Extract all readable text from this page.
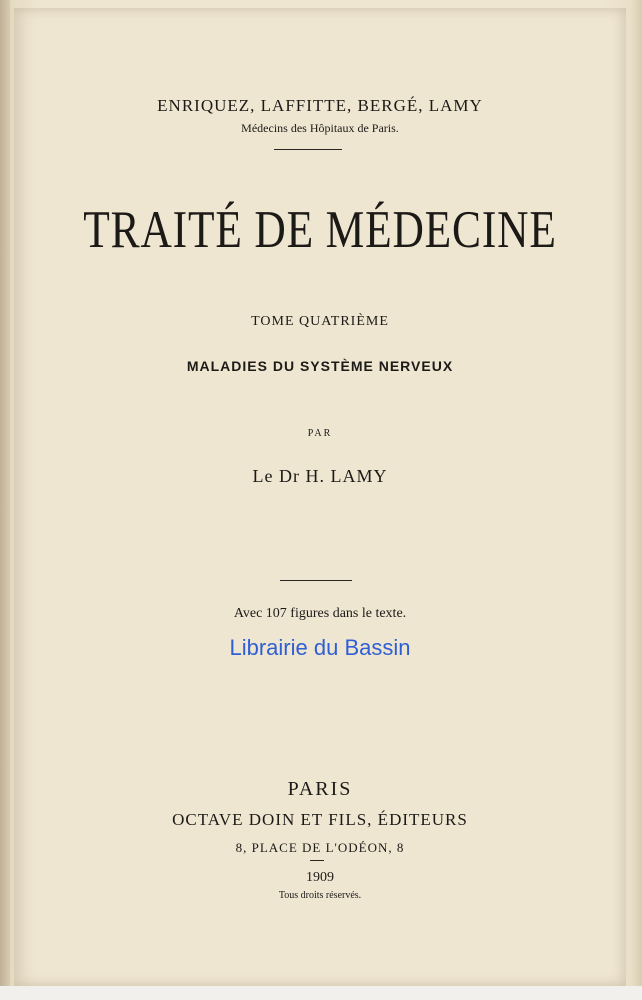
ENRIQUEZ, LAFFITTE, BERGÉ, LAMY
Médecins des Hôpitaux de Paris.
TRAITÉ DE MÉDECINE
TOME QUATRIÈME
MALADIES DU SYSTÈME NERVEUX
PAR
Le Dr H. LAMY
Avec 107 figures dans le texte.
Librairie du Bassin
PARIS
OCTAVE DOIN ET FILS, ÉDITEURS
8, PLACE DE L'ODÉON, 8
1909
Tous droits réservés.
